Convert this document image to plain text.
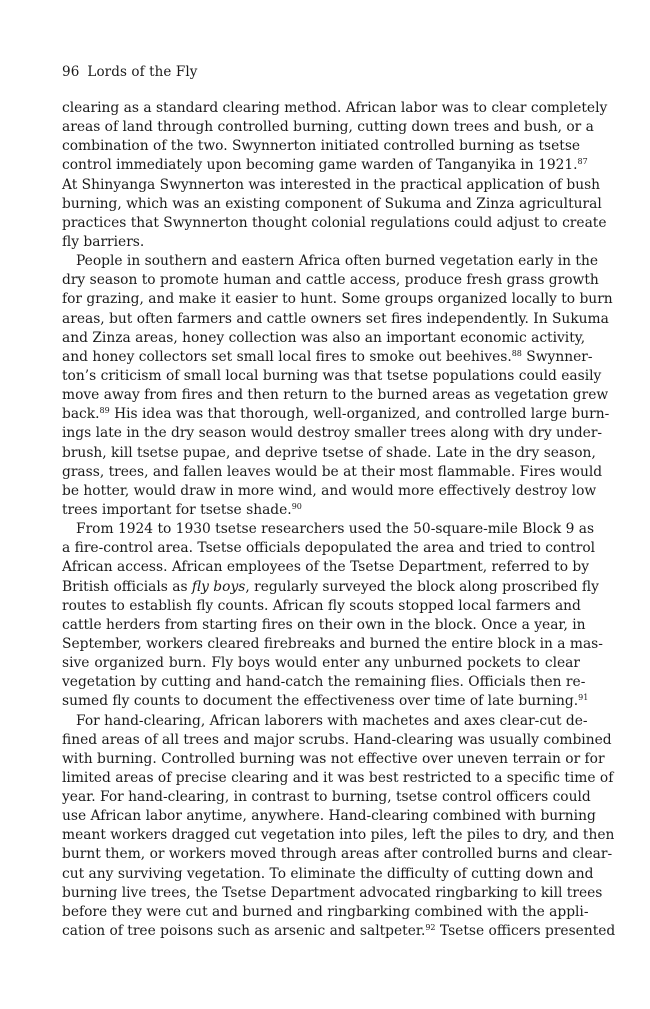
96 Lords of the Fly
clearing as a standard clearing method. African labor was to clear completely
areas of land through controlled burning, cutting down trees and bush, or a
combination of the two. Swynnerton initiated controlled burning as tsetse
control immediately upon becoming game warden of Tanganyika in 1921.87
At Shinyanga Swynnerton was interested in the practical application of bush
burning, which was an existing component of Sukuma and Zinza agricultural
practices that Swynnerton thought colonial regulations could adjust to create
fly barriers.
People in southern and eastern Africa often burned vegetation early in the
dry season to promote human and cattle access, produce fresh grass growth
for grazing, and make it easier to hunt. Some groups organized locally to burn
areas, but often farmers and cattle owners set fires independently. In Sukuma
and Zinza areas, honey collection was also an important economic activity,
and honey collectors set small local fires to smoke out beehives.$^{88}$ Swynner-
ton’s criticism of small local burning was that tsetse populations could easily
move away from fires and then return to the burned areas as vegetation grew
back.$^{89}$ His idea was that thorough, well-organized, and controlled large burn-
ings late in the dry season would destroy smaller trees along with dry under-
brush, kill tsetse pupae, and deprive tsetse of shade. Late in the dry season,
grass, trees, and fallen leaves would be at their most flammable. Fires would
be hotter, would draw in more wind, and would more effectively destroy low
trees important for tsetse shade.$^{90}$
From 1924 to 1930 tsetse researchers used the 50-square-mile Block 9 as
a fire-control area. Tsetse officials depopulated the area and tried to control
African access. African employees of the Tsetse Department, referred to by
British officials as fly boys, regularly surveyed the block along proscribed fly
routes to establish fly counts. African fly scouts stopped local farmers and
cattle herders from starting fires on their own in the block. Once a year, in
September, workers cleared firebreaks and burned the entire block in a mas-
sive organized burn. Fly boys would enter any unburned pockets to clear
vegetation by cutting and hand-catch the remaining flies. Officials then re-
sumed fly counts to document the effectiveness over time of late burning.$^{91}$
For hand-clearing, African laborers with machetes and axes clear-cut de-
fined areas of all trees and major scrubs. Hand-clearing was usually combined
with burning. Controlled burning was not effective over uneven terrain or for
limited areas of precise clearing and it was best restricted to a specific time of
year. For hand-clearing, in contrast to burning, tsetse control officers could
use African labor anytime, anywhere. Hand-clearing combined with burning
meant workers dragged cut vegetation into piles, left the piles to dry, and then
burnt them, or workers moved through areas after controlled burns and clear-
cut any surviving vegetation. To eliminate the difficulty of cutting down and
burning live trees, the Tsetse Department advocated ringbarking to kill trees
before they were cut and burned and ringbarking combined with the appli-
cation of tree poisons such as arsenic and saltpeter.$^{92}$ Tsetse officers presented
